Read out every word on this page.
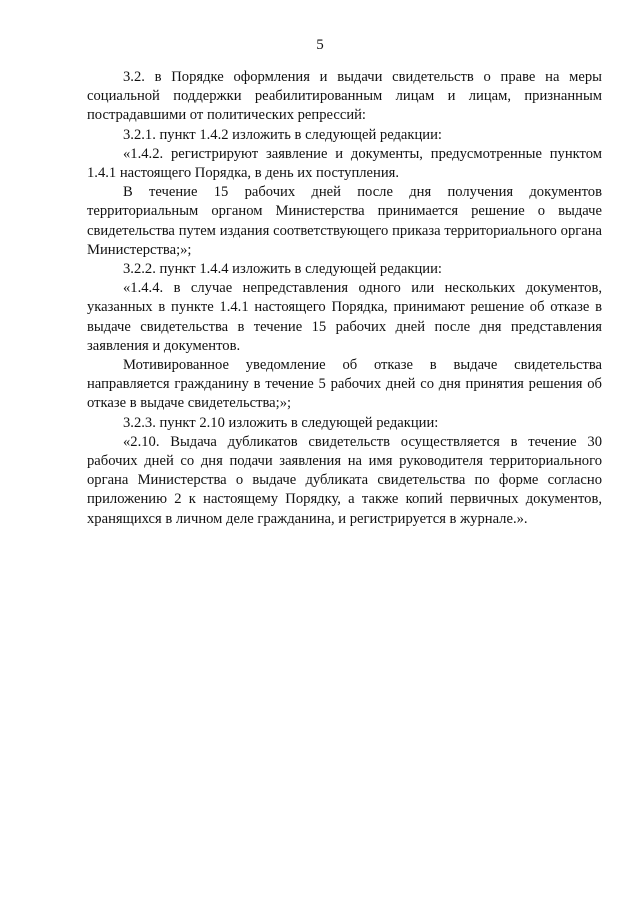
5

3.2. в Порядке оформления и выдачи свидетельств о праве на меры социальной поддержки реабилитированным лицам и лицам, признанным пострадавшими от политических репрессий:

3.2.1. пункт 1.4.2 изложить в следующей редакции:

«1.4.2. регистрируют заявление и документы, предусмотренные пунктом 1.4.1 настоящего Порядка, в день их поступления.

В течение 15 рабочих дней после дня получения документов территориальным органом Министерства принимается решение о выдаче свидетельства путем издания соответствующего приказа территориального органа Министерства;»;

3.2.2. пункт 1.4.4 изложить в следующей редакции:

«1.4.4. в случае непредставления одного или нескольких документов, указанных в пункте 1.4.1 настоящего Порядка, принимают решение об отказе в выдаче свидетельства в течение 15 рабочих дней после дня представления заявления и документов.

Мотивированное уведомление об отказе в выдаче свидетельства направляется гражданину в течение 5 рабочих дней со дня принятия решения об отказе в выдаче свидетельства;»;

3.2.3. пункт 2.10 изложить в следующей редакции:

«2.10. Выдача дубликатов свидетельств осуществляется в течение 30 рабочих дней со дня подачи заявления на имя руководителя территориального органа Министерства о выдаче дубликата свидетельства по форме согласно приложению 2 к настоящему Порядку, а также копий первичных документов, хранящихся в личном деле гражданина, и регистрируется в журнале.».
